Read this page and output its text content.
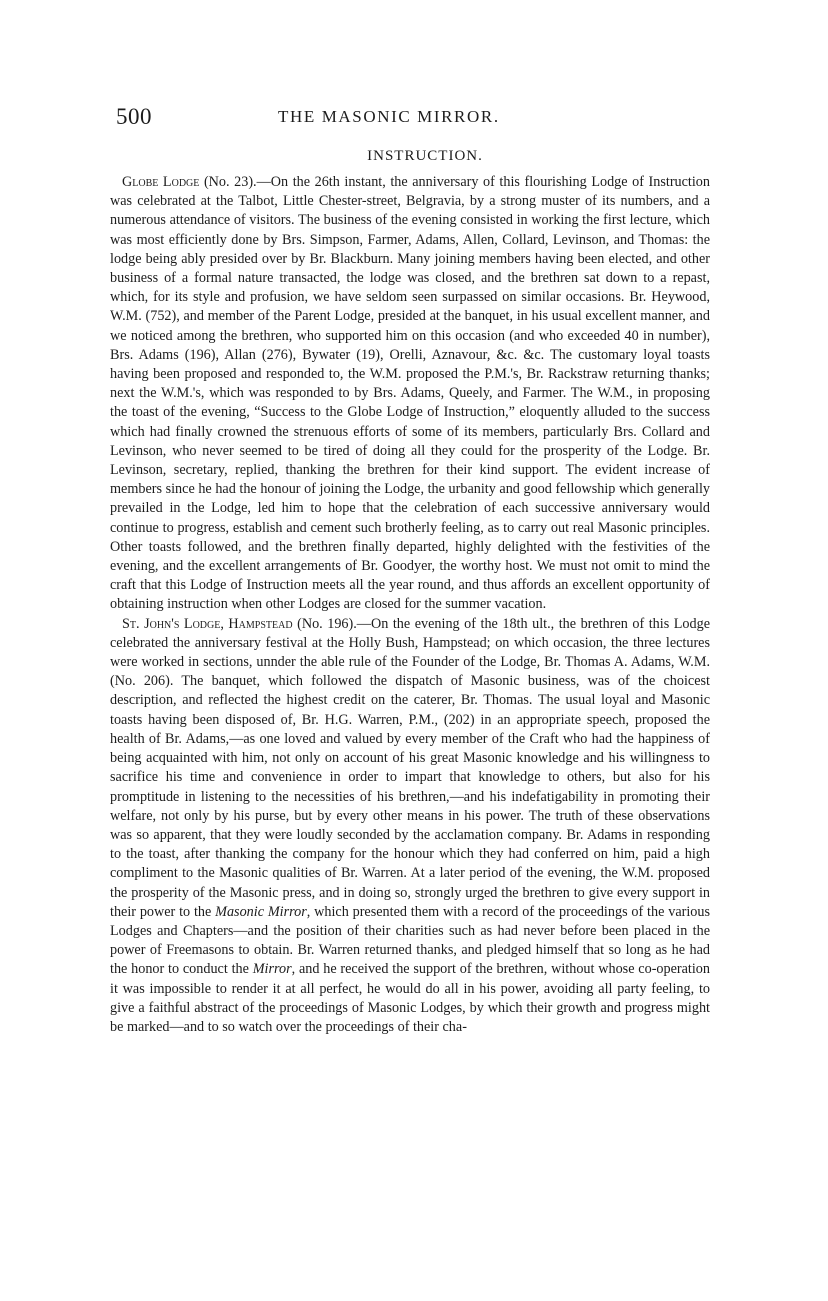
500	THE MASONIC MIRROR.
INSTRUCTION.

Globe Lodge (No. 23).—On the 26th instant, the anniversary of this flourishing Lodge of Instruction was celebrated at the Talbot, Little Chester-street, Belgravia, by a strong muster of its numbers, and a numerous attendance of visitors. The business of the evening consisted in working the first lecture, which was most efficiently done by Brs. Simpson, Farmer, Adams, Allen, Collard, Levinson, and Thomas: the lodge being ably presided over by Br. Blackburn. Many joining members having been elected, and other business of a formal nature transacted, the lodge was closed, and the brethren sat down to a repast, which, for its style and profusion, we have seldom seen surpassed on similar occasions. Br. Heywood, W.M. (752), and member of the Parent Lodge, presided at the banquet, in his usual excellent manner, and we noticed among the brethren, who supported him on this occasion (and who exceeded 40 in number), Brs. Adams (196), Allan (276), Bywater (19), Orelli, Aznavour, &c. &c. The customary loyal toasts having been proposed and responded to, the W.M. proposed the P.M.'s, Br. Rackstraw returning thanks; next the W.M.'s, which was responded to by Brs. Adams, Queely, and Farmer. The W.M., in proposing the toast of the evening, “Success to the Globe Lodge of Instruction,” eloquently alluded to the success which had finally crowned the strenuous efforts of some of its members, particularly Brs. Collard and Levinson, who never seemed to be tired of doing all they could for the prosperity of the Lodge. Br. Levinson, secretary, replied, thanking the brethren for their kind support. The evident increase of members since he had the honour of joining the Lodge, the urbanity and good fellowship which generally prevailed in the Lodge, led him to hope that the celebration of each successive anniversary would continue to progress, establish and cement such brotherly feeling, as to carry out real Masonic principles. Other toasts followed, and the brethren finally departed, highly delighted with the festivities of the evening, and the excellent arrangements of Br. Goodyer, the worthy host. We must not omit to mind the craft that this Lodge of Instruction meets all the year round, and thus affords an excellent opportunity of obtaining instruction when other Lodges are closed for the summer vacation.

St. John's Lodge, Hampstead (No. 196).—On the evening of the 18th ult., the brethren of this Lodge celebrated the anniversary festival at the Holly Bush, Hampstead; on which occasion, the three lectures were worked in sections, unnder the able rule of the Founder of the Lodge, Br. Thomas A. Adams, W.M. (No. 206). The banquet, which followed the dispatch of Masonic business, was of the choicest description, and reflected the highest credit on the caterer, Br. Thomas. The usual loyal and Masonic toasts having been disposed of, Br. H.G. Warren, P.M., (202) in an appropriate speech, proposed the health of Br. Adams,—as one loved and valued by every member of the Craft who had the happiness of being acquainted with him, not only on account of his great Masonic knowledge and his willingness to sacrifice his time and convenience in order to impart that knowledge to others, but also for his promptitude in listening to the necessities of his brethren,—and his indefatigability in promoting their welfare, not only by his purse, but by every other means in his power. The truth of these observations was so apparent, that they were loudly seconded by the acclamation company. Br. Adams in responding to the toast, after thanking the company for the honour which they had conferred on him, paid a high compliment to the Masonic qualities of Br. Warren. At a later period of the evening, the W.M. proposed the prosperity of the Masonic press, and in doing so, strongly urged the brethren to give every support in their power to the Masonic Mirror, which presented them with a record of the proceedings of the various Lodges and Chapters—and the position of their charities such as had never before been placed in the power of Freemasons to obtain. Br. Warren returned thanks, and pledged himself that so long as he had the honor to conduct the Mirror, and he received the support of the brethren, without whose co-operation it was impossible to render it at all perfect, he would do all in his power, avoiding all party feeling, to give a faithful abstract of the proceedings of Masonic Lodges, by which their growth and progress might be marked—and to so watch over the proceedings of their cha-
